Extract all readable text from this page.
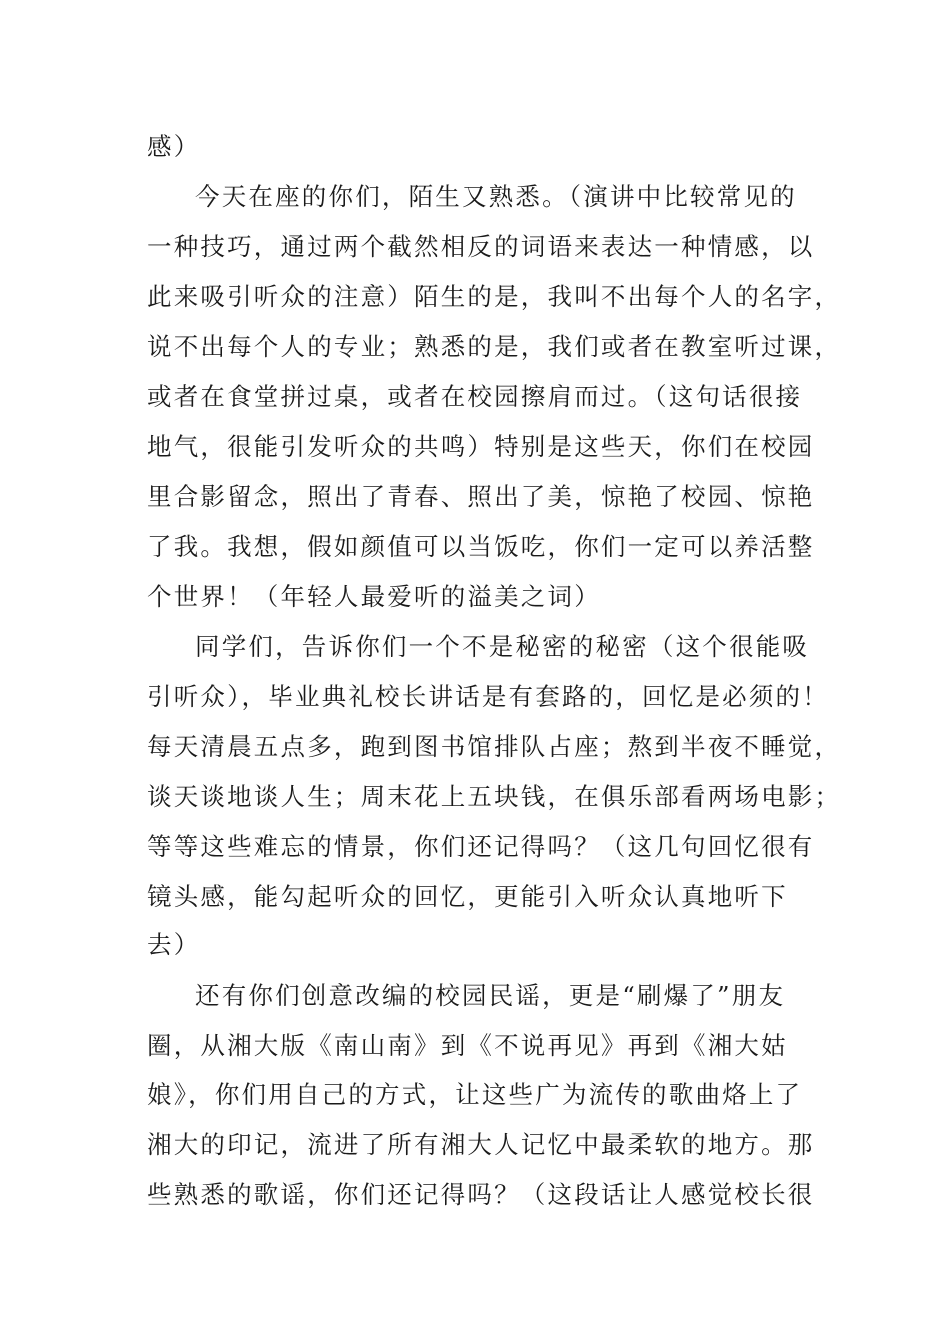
感）
今天在座的你们，陌生又熟悉。（演讲中比较常见的
一种技巧，通过两个截然相反的词语来表达一种情感，以
此来吸引听众的注意）陌生的是，我叫不出每个人的名字，
说不出每个人的专业；熟悉的是，我们或者在教室听过课，
或者在食堂拼过桌，或者在校园擦肩而过。（这句话很接
地气，很能引发听众的共鸣）特别是这些天，你们在校园
里合影留念，照出了青春、照出了美，惊艳了校园、惊艳
了我。我想，假如颜值可以当饭吃，你们一定可以养活整
个世界！（年轻人最爱听的溢美之词）
同学们，告诉你们一个不是秘密的秘密（这个很能吸
引听众），毕业典礼校长讲话是有套路的，回忆是必须的！
每天清晨五点多，跑到图书馆排队占座；熬到半夜不睡觉，
谈天谈地谈人生；周末花上五块钱，在俱乐部看两场电影；
等等这些难忘的情景，你们还记得吗？（这几句回忆很有
镜头感，能勾起听众的回忆，更能引入听众认真地听下
去）
还有你们创意改编的校园民谣，更是“刷爆了”朋友
圈，从湘大版《南山南》到《不说再见》再到《湘大姑
娘》，你们用自己的方式，让这些广为流传的歌曲烙上了
湘大的印记，流进了所有湘大人记忆中最柔软的地方。那
些熟悉的歌谣，你们还记得吗？（这段话让人感觉校长很
